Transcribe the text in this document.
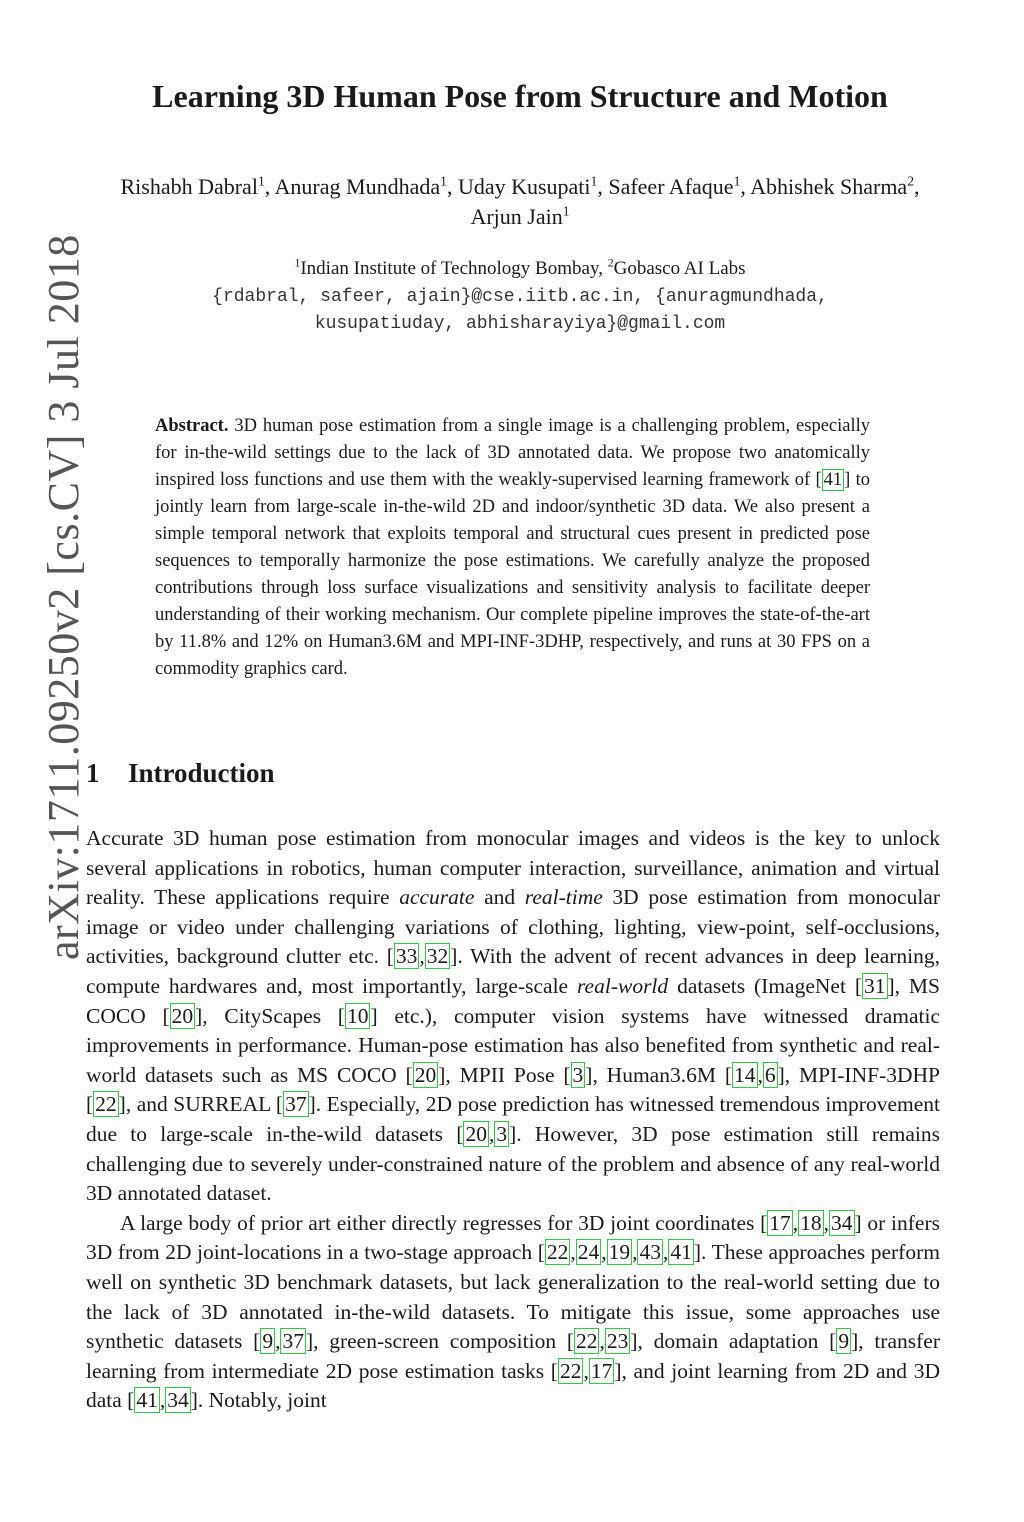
arXiv:1711.09250v2 [cs.CV] 3 Jul 2018
Learning 3D Human Pose from Structure and Motion
Rishabh Dabral$^1$, Anurag Mundhada$^1$, Uday Kusupati$^1$, Safeer Afaque$^1$, Abhishek Sharma$^2$, Arjun Jain$^1$
$^1$Indian Institute of Technology Bombay, $^2$Gobasco AI Labs
{rdabral, safeer, ajain}@cse.iitb.ac.in, {anuragmundhada,
kusupatiuday, abhisharayiya}@gmail.com
Abstract. 3D human pose estimation from a single image is a challenging problem, especially for in-the-wild settings due to the lack of 3D annotated data. We propose two anatomically inspired loss functions and use them with the weakly-supervised learning framework of [ 41 ] to jointly learn from large-scale in-the-wild 2D and indoor/synthetic 3D data. We also present a simple temporal network that exploits temporal and structural cues present in predicted pose sequences to temporally harmonize the pose estimations. We carefully analyze the proposed contributions through loss surface visualizations and sensitivity analysis to facilitate deeper understanding of their working mechanism. Our complete pipeline improves the state-of-the-art by 11.8% and 12% on Human3.6M and MPI-INF-3DHP, respectively, and runs at 30 FPS on a commodity graphics card.
1 Introduction

Accurate 3D human pose estimation from monocular images and videos is the key to unlock several applications in robotics, human computer interaction, surveillance, animation and virtual reality. These applications require accurate and real-time 3D pose estimation from monocular image or video under challenging variations of clothing, lighting, view-point, self-occlusions, activities, background clutter etc. [33,32]. With the advent of recent advances in deep learning, compute hardwares and, most importantly, large-scale real-world datasets (ImageNet [31], MS COCO [20], CityScapes [10] etc.), computer vision systems have witnessed dramatic improvements in performance. Human-pose estimation has also benefited from synthetic and real-world datasets such as MS COCO [20], MPII Pose [3], Human3.6M [14,6], MPI-INF-3DHP [22], and SURREAL [37]. Especially, 2D pose prediction has witnessed tremendous improvement due to large-scale in-the-wild datasets [20,3]. However, 3D pose estimation still remains challenging due to severely under-constrained nature of the problem and absence of any real-world 3D annotated dataset.

A large body of prior art either directly regresses for 3D joint coordinates [17,18,34] or infers 3D from 2D joint-locations in a two-stage approach [22,24,19,43,41]. These approaches perform well on synthetic 3D benchmark datasets, but lack generalization to the real-world setting due to the lack of 3D annotated in-the-wild datasets. To mitigate this issue, some approaches use synthetic datasets [9,37], green-screen composition [22,23], domain adaptation [9], transfer learning from intermediate 2D pose estimation tasks [22,17], and joint learning from 2D and 3D data [41,34]. Notably, joint
